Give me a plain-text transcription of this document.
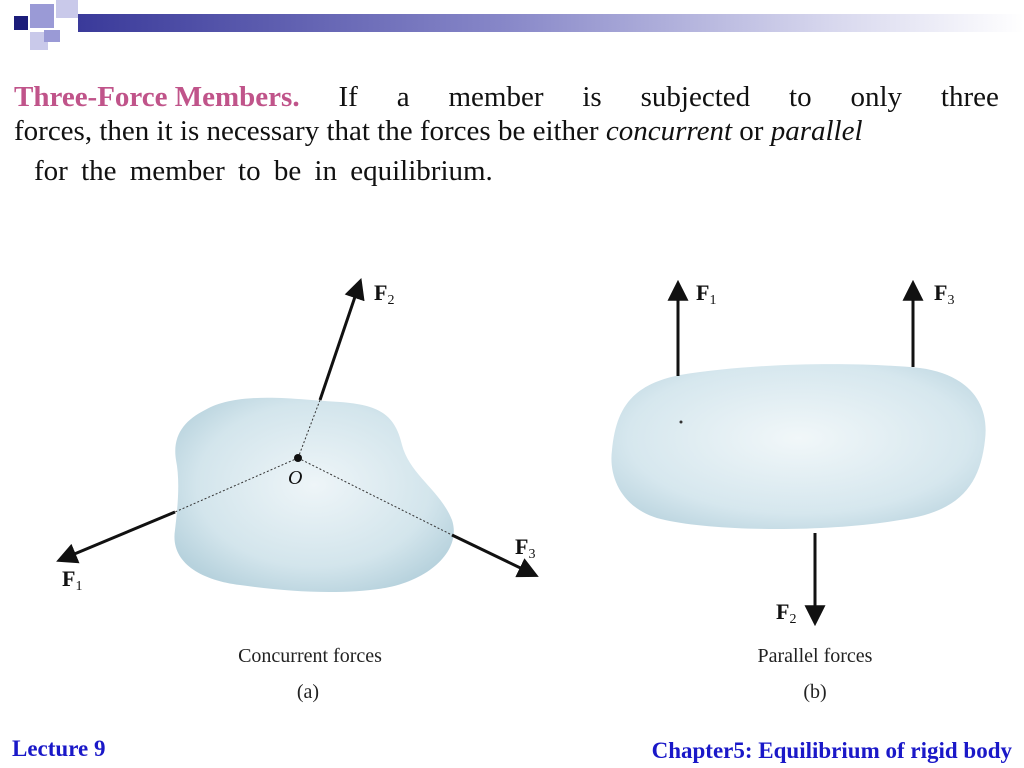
Three-Force Members. If a member is subjected to only three
forces, then it is necessary that the forces be either concurrent or parallel
for the member to be in equilibrium.
O
F1
F2
F3
Concurrent forces
(a)
F1
F2
F3
Parallel forces
(b)
Lecture 9	Chapter5: Equilibrium of rigid body
